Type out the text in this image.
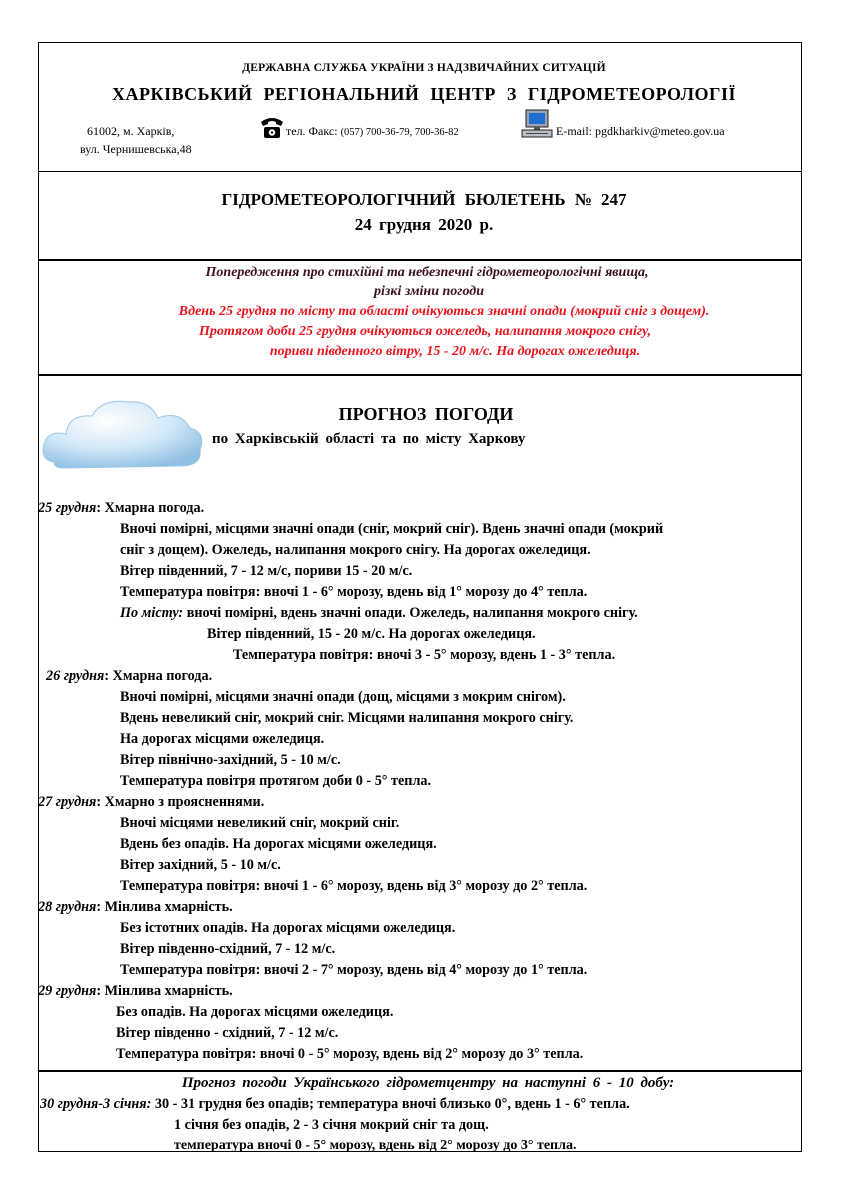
ДЕРЖАВНА СЛУЖБА УКРАЇНИ З НАДЗВИЧАЙНИХ СИТУАЦІЙ
ХАРКІВСЬКИЙ РЕГІОНАЛЬНИЙ ЦЕНТР З ГІДРОМЕТЕОРОЛОГІЇ
61002, м. Харків,
вул. Чернишевська,48
тел. Факс: (057) 700-36-79, 700-36-82	E-mail: pgdkharkiv@meteo.gov.ua
ГІДРОМЕТЕОРОЛОГІЧНИЙ БЮЛЕТЕНЬ № 247
24 грудня 2020 р.
Попередження про стихійні та небезпечні гідрометеорологічні явища,
різкі зміни погоди
Вдень 25 грудня по місту та області очікуються значні опади (мокрий сніг з дощем).
Протягом доби 25 грудня очікуються ожеледь, налипання мокрого снігу,
пориви південного вітру, 15 - 20 м/с. На дорогах ожеледиця.
ПРОГНОЗ ПОГОДИ
по Харківській області та по місту Харкову
25 грудня: Хмарна погода.
Вночі помірні, місцями значні опади (сніг, мокрий сніг). Вдень значні опади (мокрий
сніг з дощем). Ожеледь, налипання мокрого снігу. На дорогах ожеледиця.
Вітер південний, 7 - 12 м/с, пориви 15 - 20 м/с.
Температура повітря: вночі 1 - 6° морозу, вдень від 1° морозу до 4° тепла.
По місту: вночі помірні, вдень значні опади. Ожеледь, налипання мокрого снігу.
Вітер південний, 15 - 20 м/с. На дорогах ожеледиця.
Температура повітря: вночі 3 - 5° морозу, вдень 1 - 3° тепла.
26 грудня: Хмарна погода.
Вночі помірні, місцями значні опади (дощ, місцями з мокрим снігом).
Вдень невеликий сніг, мокрий сніг. Місцями налипання мокрого снігу.
На дорогах місцями ожеледиця.
Вітер північно-західний, 5 - 10 м/с.
Температура повітря протягом доби 0 - 5° тепла.
27 грудня: Хмарно з проясненнями.
Вночі місцями невеликий сніг, мокрий сніг.
Вдень без опадів. На дорогах місцями ожеледиця.
Вітер західний, 5 - 10 м/с.
Температура повітря: вночі 1 - 6° морозу, вдень від 3° морозу до 2° тепла.
28 грудня: Мінлива хмарність.
Без істотних опадів. На дорогах місцями ожеледиця.
Вітер південно-східний, 7 - 12 м/с.
Температура повітря: вночі 2 - 7° морозу, вдень від 4° морозу до 1° тепла.
29 грудня: Мінлива хмарність.
Без опадів. На дорогах місцями ожеледиця.
Вітер південно - східний, 7 - 12 м/с.
Температура повітря: вночі 0 - 5° морозу, вдень від 2° морозу до 3° тепла.
Прогноз погоди Українського гідрометцентру на наступні 6 - 10 добу:
30 грудня-3 січня: 30 - 31 грудня без опадів; температура вночі близько 0°, вдень 1 - 6° тепла.
1 січня без опадів, 2 - 3 січня мокрий сніг та дощ.
температура вночі 0 - 5° морозу, вдень від 2° морозу до 3° тепла.
